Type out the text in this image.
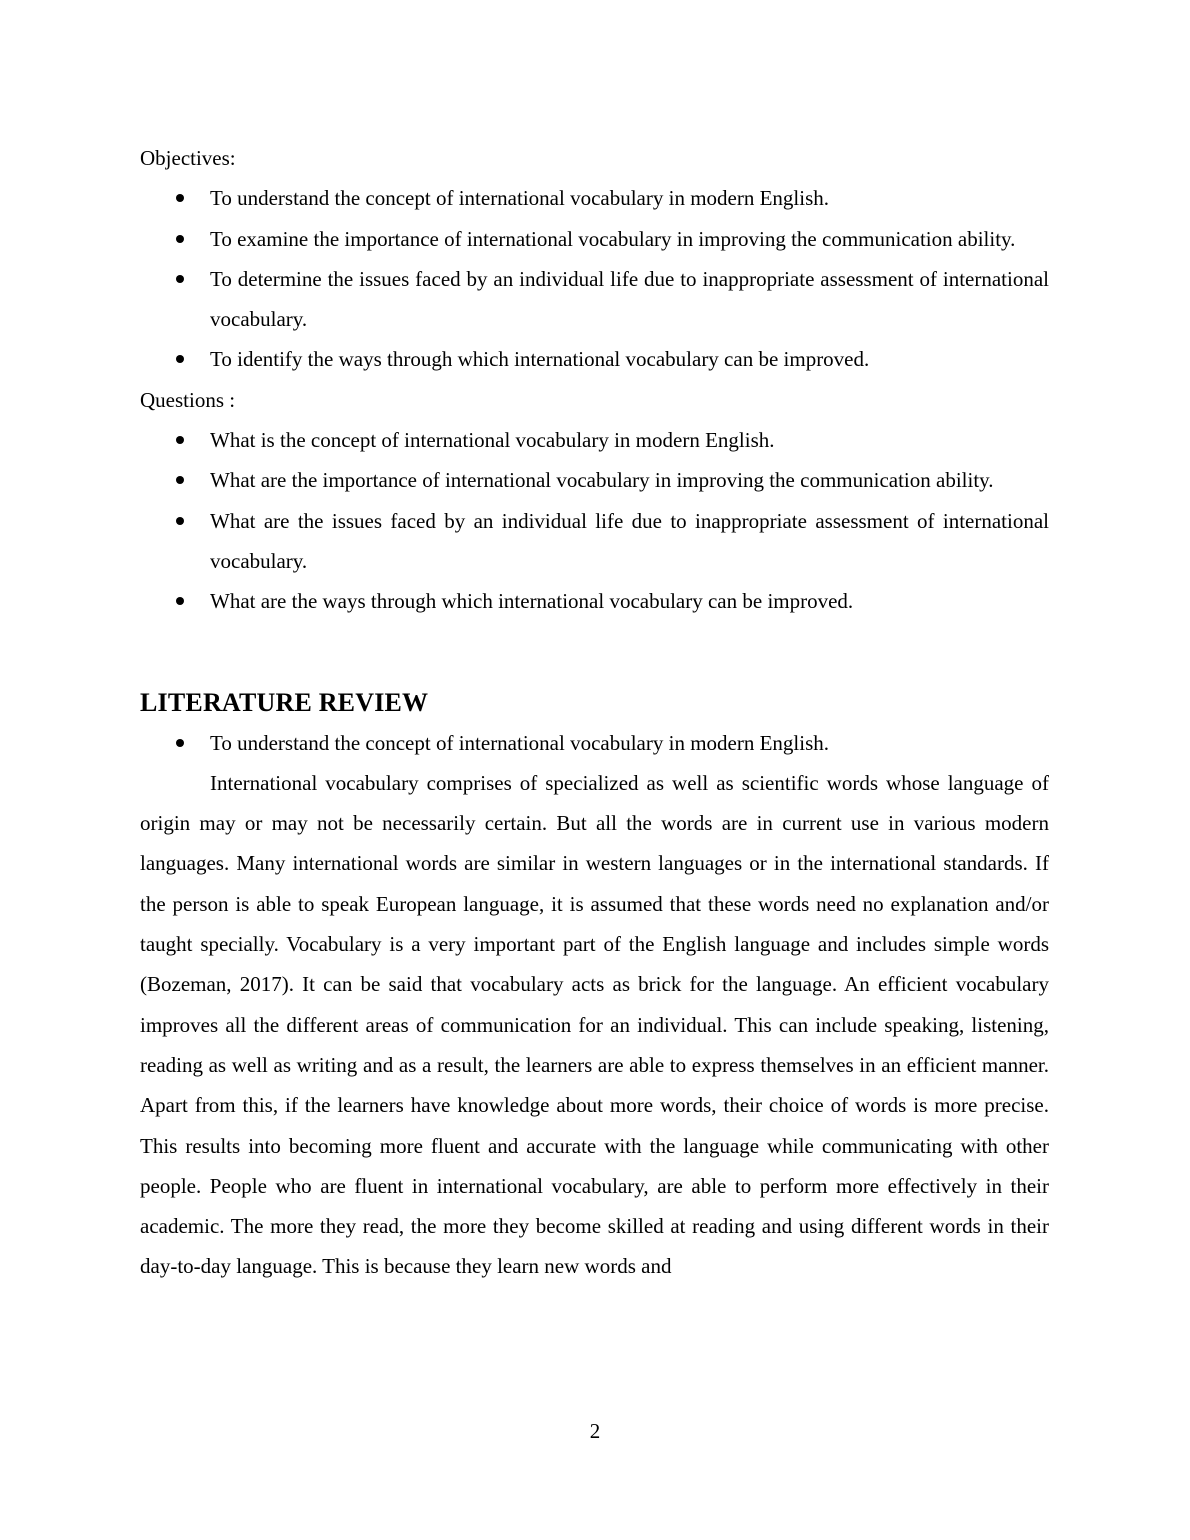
Objectives:

To understand the concept of international vocabulary in modern English.
To examine the importance of international vocabulary in improving the communication ability.
To determine the issues faced by an individual life due to inappropriate assessment of international vocabulary.
To identify the ways through which international vocabulary can be improved.

Questions :

What is the concept of international vocabulary in modern English.
What are the importance of international vocabulary in improving the communication ability.
What are the issues faced by an individual life due to inappropriate assessment of international vocabulary.
What are the ways through which international vocabulary can be improved.
LITERATURE REVIEW
To understand the concept of international vocabulary in modern English.

International vocabulary comprises of specialized as well as scientific words whose language of origin may or may not be necessarily certain. But all the words are in current use in various modern languages. Many international words are similar in western languages or in the international standards. If the person is able to speak European language, it is assumed that these words need no explanation and/or taught specially. Vocabulary is a very important part of the English language and includes simple words (Bozeman, 2017). It can be said that vocabulary acts as brick for the language. An efficient vocabulary improves all the different areas of communication for an individual. This can include speaking, listening, reading as well as writing and as a result, the learners are able to express themselves in an efficient manner. Apart from this, if the learners have knowledge about more words, their choice of words is more precise. This results into becoming more fluent and accurate with the language while communicating with other people. People who are fluent in international vocabulary, are able to perform more effectively in their academic. The more they read, the more they become skilled at reading and using different words in their day-to-day language. This is because they learn new words and

2
